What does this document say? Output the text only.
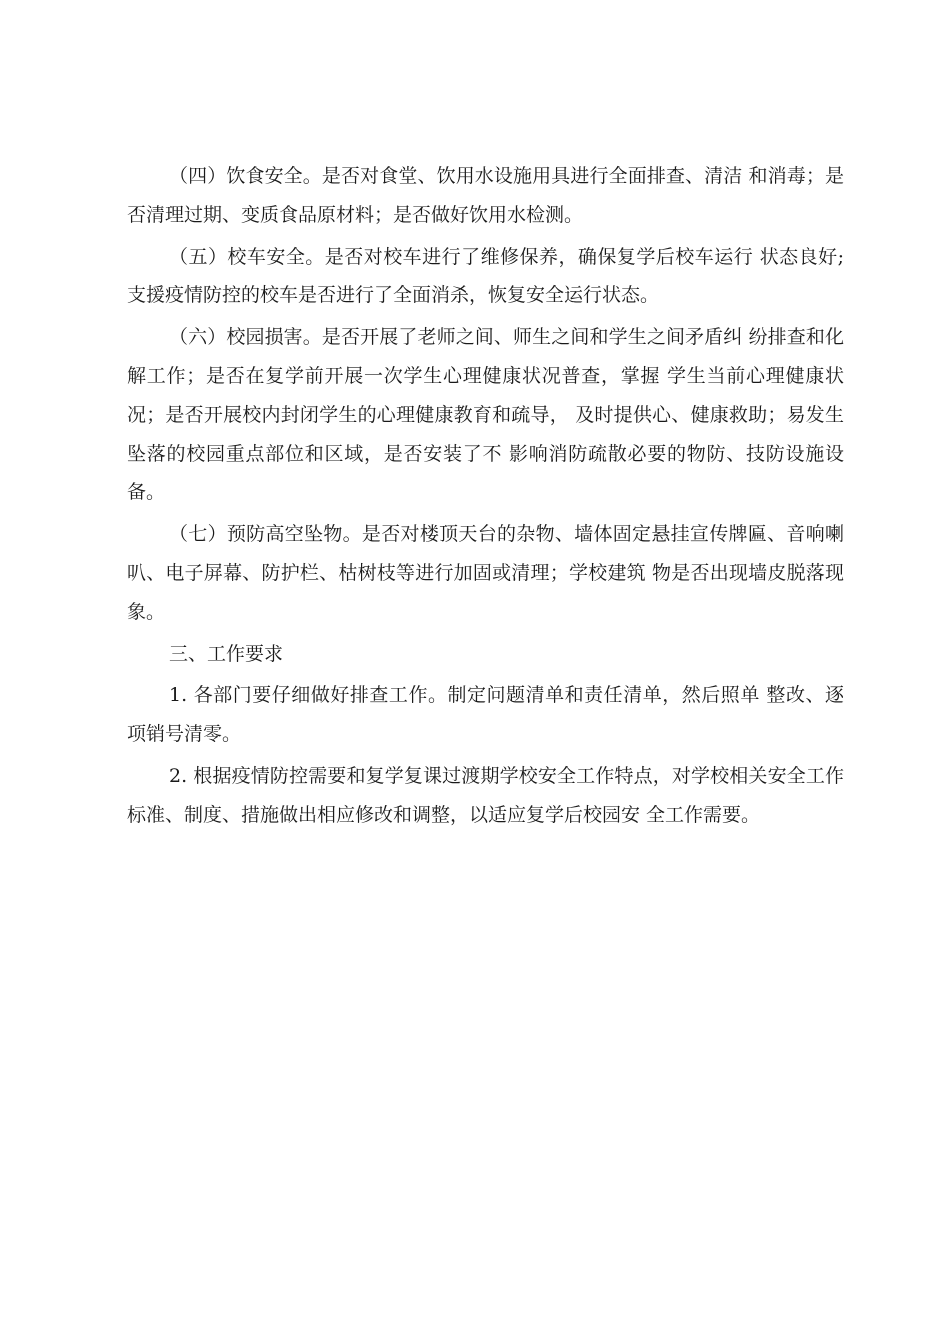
（四）饮食安全。是否对食堂、饮用水设施用具进行全面排查、清洁 和消毒；是否清理过期、变质食品原材料；是否做好饮用水检测。

（五）校车安全。是否对校车进行了维修保养，确保复学后校车运行 状态良好;支援疫情防控的校车是否进行了全面消杀，恢复安全运行状态。

（六）校园损害。是否开展了老师之间、师生之间和学生之间矛盾纠 纷排查和化解工作；是否在复学前开展一次学生心理健康状况普查，掌握 学生当前心理健康状况；是否开展校内封闭学生的心理健康教育和疏导， 及时提供心、健康救助；易发生坠落的校园重点部位和区域，是否安装了不 影响消防疏散必要的物防、技防设施设备。

（七）预防高空坠物。是否对楼顶天台的杂物、墙体固定悬挂宣传牌匾、音响喇叭、电子屏幕、防护栏、枯树枝等进行加固或清理；学校建筑 物是否出现墙皮脱落现象。

三、工作要求

1. 各部门要仔细做好排查工作。制定问题清单和责任清单，然后照单 整改、逐项销号清零。

2. 根据疫情防控需要和复学复课过渡期学校安全工作特点，对学校相关安全工作标准、制度、措施做出相应修改和调整，以适应复学后校园安 全工作需要。
